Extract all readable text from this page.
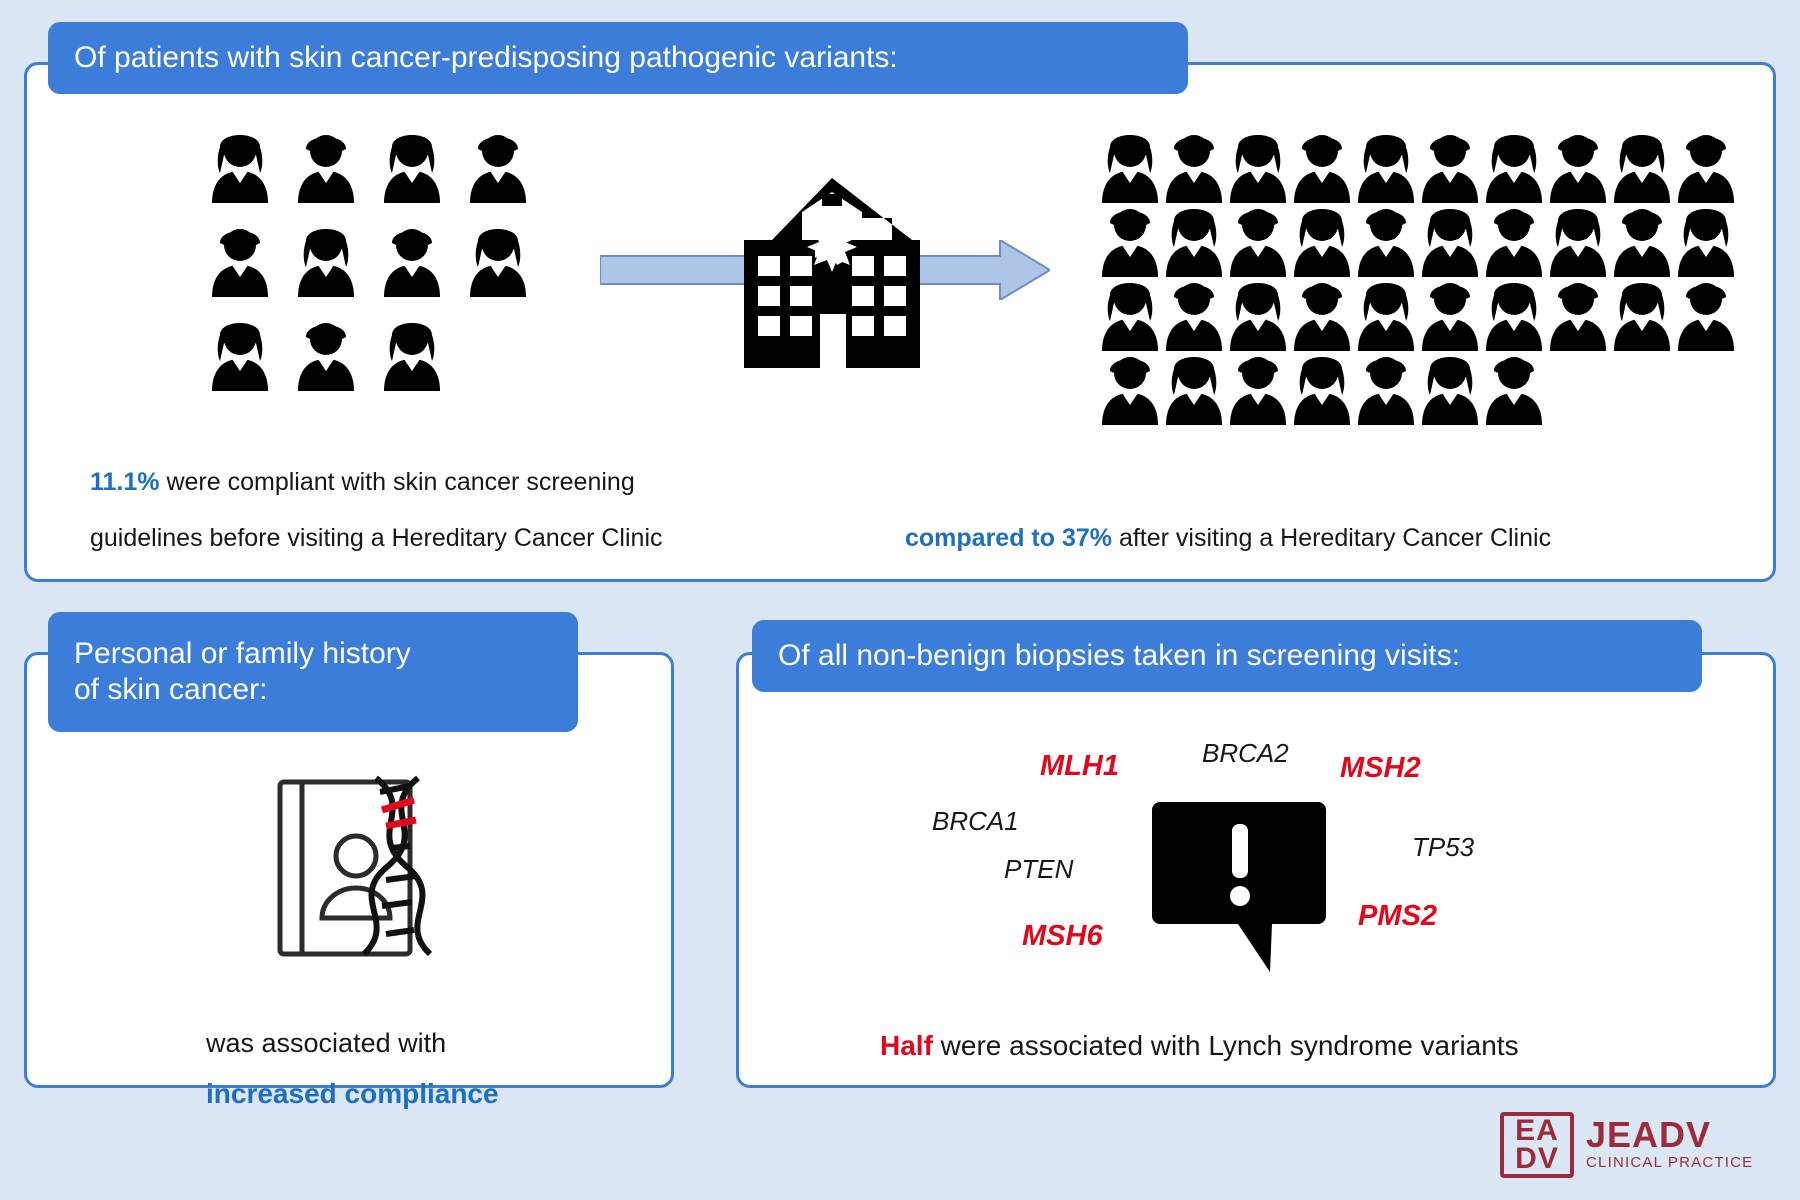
Of patients with skin cancer-predisposing pathogenic variants:
11.1% were compliant with skin cancer screening
guidelines before visiting a Hereditary Cancer Clinic	compared to 37% after visiting a Hereditary Cancer Clinic
Personal or family history
of skin cancer:
was associated with
increased compliance
Of all non-benign biopsies taken in screening visits:
BRCA2
MLH1	MSH2
BRCA1
TP53
PTEN
MSH6
PMS2
Half were associated with Lynch syndrome variants
EA
DV
JEADV
CLINICAL PRACTICE
